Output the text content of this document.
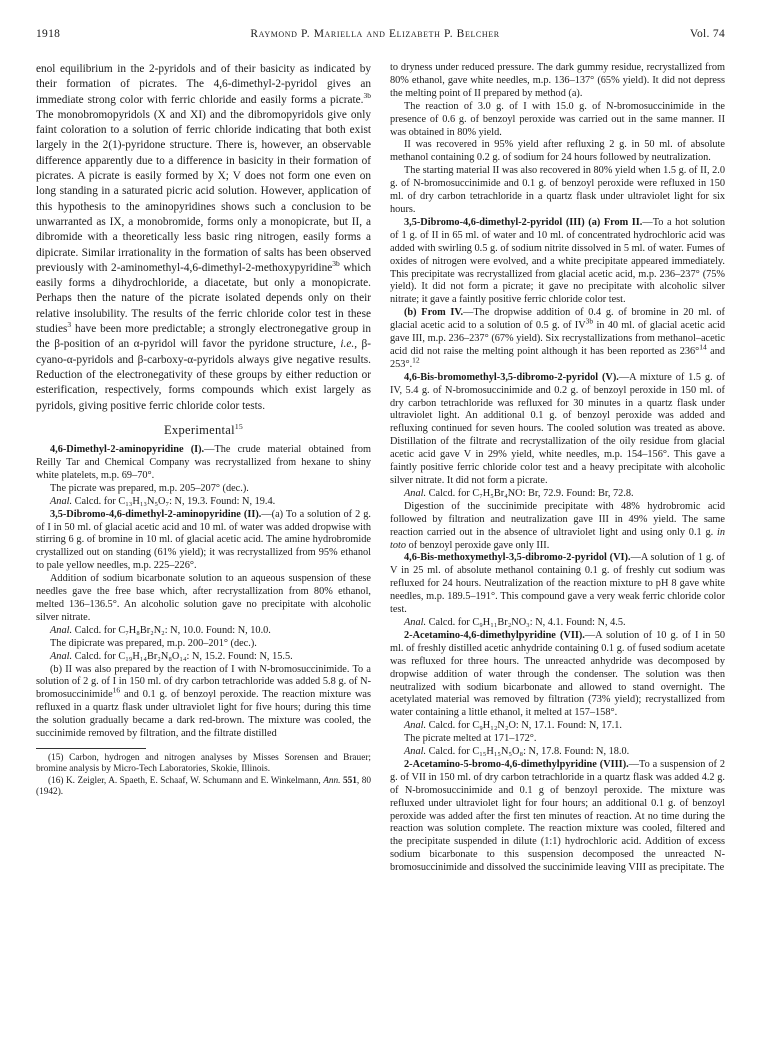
1918	Raymond P. Mariella and Elizabeth P. Belcher	Vol. 74

enol equilibrium in the 2-pyridols and of their basicity as indicated by their formation of picrates. The 4,6-dimethyl-2-pyridol gives an immediate strong color with ferric chloride and easily forms a picrate.$^{3b}$ The monobromopyridols (X and XI) and the dibromopyridols give only faint coloration to a solution of ferric chloride indicating that both exist largely in the 2(1)-pyridone structure. There is, however, an observable difference apparently due to a difference in basicity in their formation of picrates. A picrate is easily formed by X; V does not form one even on long standing in a saturated picric acid solution. However, application of this hypothesis to the aminopyridines shows such a conclusion to be unwarranted as IX, a monobromide, forms only a monopicrate, but II, a dibromide with a theoretically less basic ring nitrogen, easily forms a dipicrate. Similar irrationality in the formation of salts has been observed previously with 2-aminomethyl-4,6-dimethyl-2-methoxypyridine$^{3b}$ which easily forms a dihydrochloride, a diacetate, but only a monopicrate. Perhaps then the nature of the picrate isolated depends only on their relative insolubility. The results of the ferric chloride color test in these studies$^3$ have been more predictable; a strongly electronegative group in the β-position of an α-pyridol will favor the pyridone structure, i.e., β-cyano-α-pyridols and β-carboxy-α-pyridols always give negative results. Reduction of the electronegativity of these groups by either reduction or esterification, respectively, forms compounds which exist largely as pyridols, giving positive ferric chloride color tests.

Experimental$^{15}$

4,6-Dimethyl-2-aminopyridine (I).—The crude material obtained from Reilly Tar and Chemical Company was recrystallized from hexane to shiny white platelets, m.p. 69–70°.

The picrate was prepared, m.p. 205–207° (dec.).

Anal. Calcd. for C₁₃H₁₃N₅O₇: N, 19.3. Found: N, 19.4.

3,5-Dibromo-4,6-dimethyl-2-aminopyridine (II).—(a) To a solution of 2 g. of I in 50 ml. of glacial acetic acid and 10 ml. of water was added dropwise with stirring 6 g. of bromine in 10 ml. of glacial acetic acid. The amine hydrobromide crystallized out on standing (61% yield); it was recrystallized from 95% ethanol to pale yellow needles, m.p. 225–226°.

Addition of sodium bicarbonate solution to an aqueous suspension of these needles gave the free base which, after recrystallization from 80% ethanol, melted 136–136.5°. An alcoholic solution gave no precipitate with alcoholic silver nitrate.

Anal. Calcd. for C₇H₈Br₂N₂: N, 10.0. Found: N, 10.0.

The dipicrate was prepared, m.p. 200–201° (dec.).

Anal. Calcd. for C₁₉H₁₄Br₂N₈O₁₄: N, 15.2. Found: N, 15.5.

(b) II was also prepared by the reaction of I with N-bromosuccinimide. To a solution of 2 g. of I in 150 ml. of dry carbon tetrachloride was added 5.8 g. of N-bromosuccinimide$^{16}$ and 0.1 g. of benzoyl peroxide. The reaction mixture was refluxed in a quartz flask under ultraviolet light for five hours; during this time the solution gradually became a dark red-brown. The mixture was cooled, the succinimide removed by filtration, and the filtrate distilled

(15) Carbon, hydrogen and nitrogen analyses by Misses Sorensen and Brauer; bromine analysis by Micro-Tech Laboratories, Skokie, Illinois.

(16) K. Zeigler, A. Spaeth, E. Schaaf, W. Schumann and E. Winkelmann, Ann. 551, 80 (1942).

to dryness under reduced pressure. The dark gummy residue, recrystallized from 80% ethanol, gave white needles, m.p. 136–137° (65% yield). It did not depress the melting point of II prepared by method (a).

The reaction of 3.0 g. of I with 15.0 g. of N-bromosuccinimide in the presence of 0.6 g. of benzoyl peroxide was carried out in the same manner. II was obtained in 80% yield.

II was recovered in 95% yield after refluxing 2 g. in 50 ml. of absolute methanol containing 0.2 g. of sodium for 24 hours followed by neutralization.

The starting material II was also recovered in 80% yield when 1.5 g. of II, 2.0 g. of N-bromosuccinimide and 0.1 g. of benzoyl peroxide were refluxed in 150 ml. of dry carbon tetrachloride in a quartz flask under ultraviolet light for six hours.

3,5-Dibromo-4,6-dimethyl-2-pyridol (III) (a) From II.—To a hot solution of 1 g. of II in 65 ml. of water and 10 ml. of concentrated hydrochloric acid was added with swirling 0.5 g. of sodium nitrite dissolved in 5 ml. of water. Fumes of oxides of nitrogen were evolved, and a white precipitate appeared immediately. This precipitate was recrystallized from glacial acetic acid, m.p. 236–237° (75% yield). It did not form a picrate; it gave no precipitate with alcoholic silver nitrate; it gave a faintly positive ferric chloride color test.

(b) From IV.—The dropwise addition of 0.4 g. of bromine in 20 ml. of glacial acetic acid to a solution of 0.5 g. of $IV^{3b}$ in 40 ml. of glacial acetic acid gave III, m.p. 236–237° (67% yield). Six recrystallizations from methanol–acetic acid did not raise the melting point although it has been reported as 236°$^{14}$ and 253°.$^{12}$

4,6-Bis-bromomethyl-3,5-dibromo-2-pyridol (V).—A mixture of 1.5 g. of IV, 5.4 g. of N-bromosuccinimide and 0.2 g. of benzoyl peroxide in 150 ml. of dry carbon tetrachloride was refluxed for 30 minutes in a quartz flask under ultraviolet light. An additional 0.1 g. of benzoyl peroxide was added and refluxing continued for seven hours. The cooled solution was treated as above. Distillation of the filtrate and recrystallization of the oily residue from glacial acetic acid gave V in 29% yield, white needles, m.p. 154–156°. This gave a faintly positive ferric chloride color test and a heavy precipitate with alcoholic silver nitrate. It did not form a picrate.

Anal. Calcd. for C₇H₅Br₄NO: Br, 72.9. Found: Br, 72.8.

Digestion of the succinimide precipitate with 48% hydrobromic acid followed by filtration and neutralization gave III in 49% yield. The same reaction carried out in the absence of ultraviolet light and using only 0.1 g. in toto of benzoyl peroxide gave only III.

4,6-Bis-methoxymethyl-3,5-dibromo-2-pyridol (VI).—A solution of 1 g. of V in 25 ml. of absolute methanol containing 0.1 g. of freshly cut sodium was refluxed for 24 hours. Neutralization of the reaction mixture to pH 8 gave white needles, m.p. 189.5–191°. This compound gave a very weak ferric chloride color test.

Anal. Calcd. for C₉H₁₁Br₂NO₃: N, 4.1. Found: N, 4.5.

2-Acetamino-4,6-dimethylpyridine (VII).—A solution of 10 g. of I in 50 ml. of freshly distilled acetic anhydride containing 0.1 g. of fused sodium acetate was refluxed for three hours. The unreacted anhydride was decomposed by dropwise addition of water through the condenser. The solution was then neutralized with sodium bicarbonate and allowed to stand overnight. The acetylated material was removed by filtration (73% yield); recrystallized from water containing a little ethanol, it melted at 157–158°.

Anal. Calcd. for C₉H₁₂N₂O: N, 17.1. Found: N, 17.1.

The picrate melted at 171–172°.

Anal. Calcd. for C₁₅H₁₅N₅O₈: N, 17.8. Found: N, 18.0.

2-Acetamino-5-bromo-4,6-dimethylpyridine (VIII).—To a suspension of 2 g. of VII in 150 ml. of dry carbon tetrachloride in a quartz flask was added 4.2 g. of N-bromosuccinimide and 0.1 g of benzoyl peroxide. The mixture was refluxed under ultraviolet light for four hours; an additional 0.1 g. of benzoyl peroxide was added after the first ten minutes of reaction. At no time during the reaction was solution complete. The reaction mixture was cooled, filtered and the precipitate suspended in dilute (1:1) hydrochloric acid. Addition of excess sodium bicarbonate to this suspension decomposed the unreacted N-bromosuccinimide and dissolved the succinimide leaving VIII as precipitate. The
